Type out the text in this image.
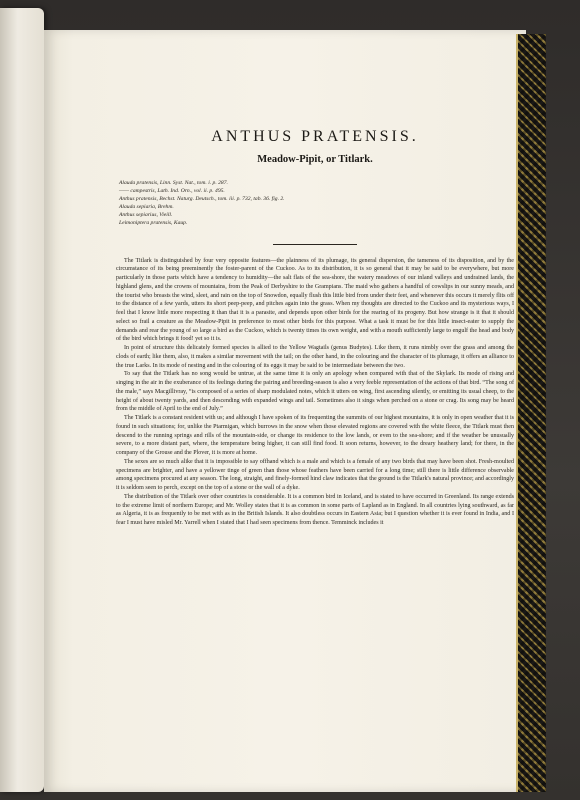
ANTHUS PRATENSIS.
Meadow-Pipit, or Titlark.
Alauda pratensis, Linn. Syst. Nat., tom. i. p. 287.
—— campestris, Lath. Ind. Orn., vol. ii. p. 495.
Anthus pratensis, Bechst. Naturg. Deutsch., tom. iii. p. 732, tab. 36. fig. 2.
Alauda sepiaria, Brehm.
Anthus sepiarius, Vieill.
Leimoniptera pratensis, Kaup.

The Titlark is distinguished by four very opposite features—the plainness of its plumage, its general dispersion, the tameness of its disposition, and by the circumstance of its being preeminently the foster-parent of the Cuckoo. As to its distribution, it is so general that it may be said to be everywhere, but more particularly in those parts which have a tendency to humidity—the salt flats of the sea-shore, the watery meadows of our inland valleys and undrained lands, the highland glens, and the crowns of mountains, from the Peak of Derbyshire to the Grampians. The maid who gathers a handful of cowslips in our sunny meads, and the tourist who breasts the wind, sleet, and rain on the top of Snowdon, equally flush this little bird from under their feet, and whenever this occurs it merely flits off to the distance of a few yards, utters its short peep-peep, and pitches again into the grass. When my thoughts are directed to the Cuckoo and its mysterious ways, I feel that I know little more respecting it than that it is a parasite, and depends upon other birds for the rearing of its progeny. But how strange is it that it should select so frail a creature as the Meadow-Pipit in preference to most other birds for this purpose. What a task it must be for this little insect-eater to supply the demands and rear the young of so large a bird as the Cuckoo, which is twenty times its own weight, and with a mouth sufficiently large to engulf the head and body of the bird which brings it food! yet so it is.

In point of structure this delicately formed species is allied to the Yellow Wagtails (genus Budytes). Like them, it runs nimbly over the grass and among the clods of earth; like them, also, it makes a similar movement with the tail; on the other hand, in the colouring and the character of its plumage, it offers an alliance to the true Larks. In its mode of nesting and in the colouring of its eggs it may be said to be intermediate between the two.

To say that the Titlark has no song would be untrue, at the same time it is only an apology when compared with that of the Skylark. Its mode of rising and singing in the air in the exuberance of its feelings during the pairing and breeding-season is also a very feeble representation of the actions of that bird. “The song of the male,” says Macgillivray, “is composed of a series of sharp modulated notes, which it utters on wing, first ascending silently, or emitting its usual cheep, to the height of about twenty yards, and then descending with expanded wings and tail. Sometimes also it sings when perched on a stone or crag. Its song may be heard from the middle of April to the end of July.”

The Titlark is a constant resident with us; and although I have spoken of its frequenting the summits of our highest mountains, it is only in open weather that it is found in such situations; for, unlike the Ptarmigan, which burrows in the snow when those elevated regions are covered with the white fleece, the Titlark must then descend to the running springs and rills of the mountain-side, or change its residence to the low lands, or even to the sea-shore; and if the weather be unusually severe, to a more distant part, where, the temperature being higher, it can still find food. It soon returns, however, to the dreary heathery land; for there, in the company of the Grouse and the Plover, it is more at home.

The sexes are so much alike that it is impossible to say offhand which is a male and which is a female of any two birds that may have been shot. Fresh-moulted specimens are brighter, and have a yellower tinge of green than those whose feathers have been carried for a long time; still there is little difference observable among specimens procured at any season. The long, straight, and finely-formed hind claw indicates that the ground is the Titlark's natural province; and accordingly it is seldom seen to perch, except on the top of a stone or the wall of a dyke.

The distribution of the Titlark over other countries is considerable. It is a common bird in Iceland, and is stated to have occurred in Greenland. Its range extends to the extreme limit of northern Europe; and Mr. Wolley states that it is as common in some parts of Lapland as in England. In all countries lying southward, as far as Algeria, it is as frequently to be met with as in the British Islands. It also doubtless occurs in Eastern Asia; but I question whether it is ever found in India, and I fear I must have misled Mr. Yarrell when I stated that I had seen specimens from thence. Temminck includes it
